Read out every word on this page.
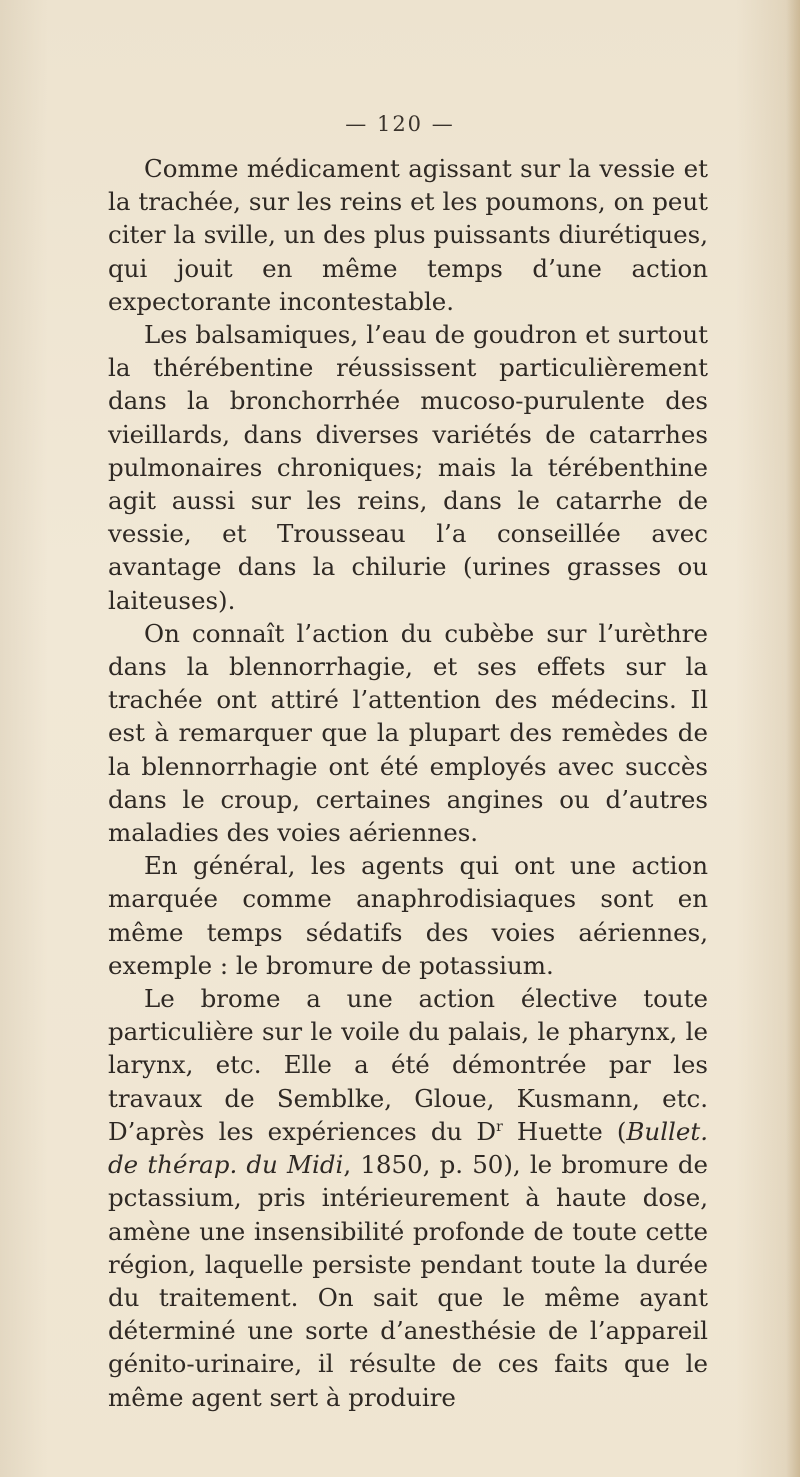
— 120 —

Comme médicament agissant sur la vessie et la trachée, sur les reins et les poumons, on peut citer la sville, un des plus puissants diurétiques, qui jouit en même temps d’une action expectorante incontestable.

Les balsamiques, l’eau de goudron et surtout la thérébentine réussissent particulièrement dans la bronchorrhée mucoso-purulente des vieillards, dans diverses variétés de catarrhes pulmonaires chroniques; mais la térébenthine agit aussi sur les reins, dans le catarrhe de vessie, et Trousseau l’a conseillée avec avantage dans la chilurie (urines grasses ou laiteuses).

On connaît l’action du cubèbe sur l’urèthre dans la blennorrhagie, et ses effets sur la trachée ont attiré l’attention des médecins. Il est à remarquer que la plupart des remèdes de la blennorrhagie ont été employés avec succès dans le croup, certaines angines ou d’autres maladies des voies aériennes.

En général, les agents qui ont une action marquée comme anaphrodisiaques sont en même temps sédatifs des voies aériennes, exemple : le bromure de potassium.

Le brome a une action élective toute particulière sur le voile du palais, le pharynx, le larynx, etc. Elle a été démontrée par les travaux de Semblke, Gloue, Kusmann, etc. D’après les expériences du $D^r$ Huette (Bullet. de thérap. du Midi, 1850, p. 50), le bromure de pctassium, pris intérieurement à haute dose, amène une insensibilité profonde de toute cette région, laquelle persiste pendant toute la durée du traitement. On sait que le même ayant déterminé une sorte d’anesthésie de l’appareil génito-urinaire, il résulte de ces faits que le même agent sert à produire
